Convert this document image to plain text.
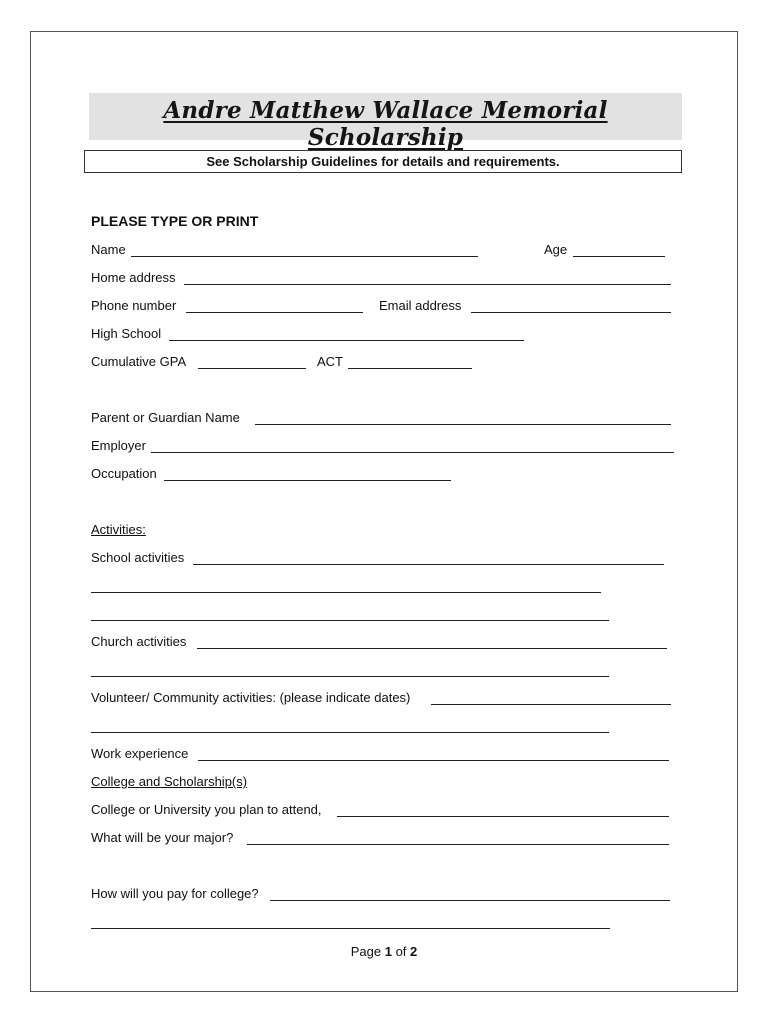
Andre Matthew Wallace Memorial Scholarship
See Scholarship Guidelines for details and requirements.
PLEASE TYPE OR PRINT
Name	Age
Home address
Phone number	Email address
High School
Cumulative GPA	ACT
Parent or Guardian Name
Employer
Occupation
Activities:
School activities
Church activities
Volunteer/ Community activities: (please indicate dates)
Work experience
College and Scholarship(s)
College or University you plan to attend,
What will be your major?
How will you pay for college?
Page 1 of 2
